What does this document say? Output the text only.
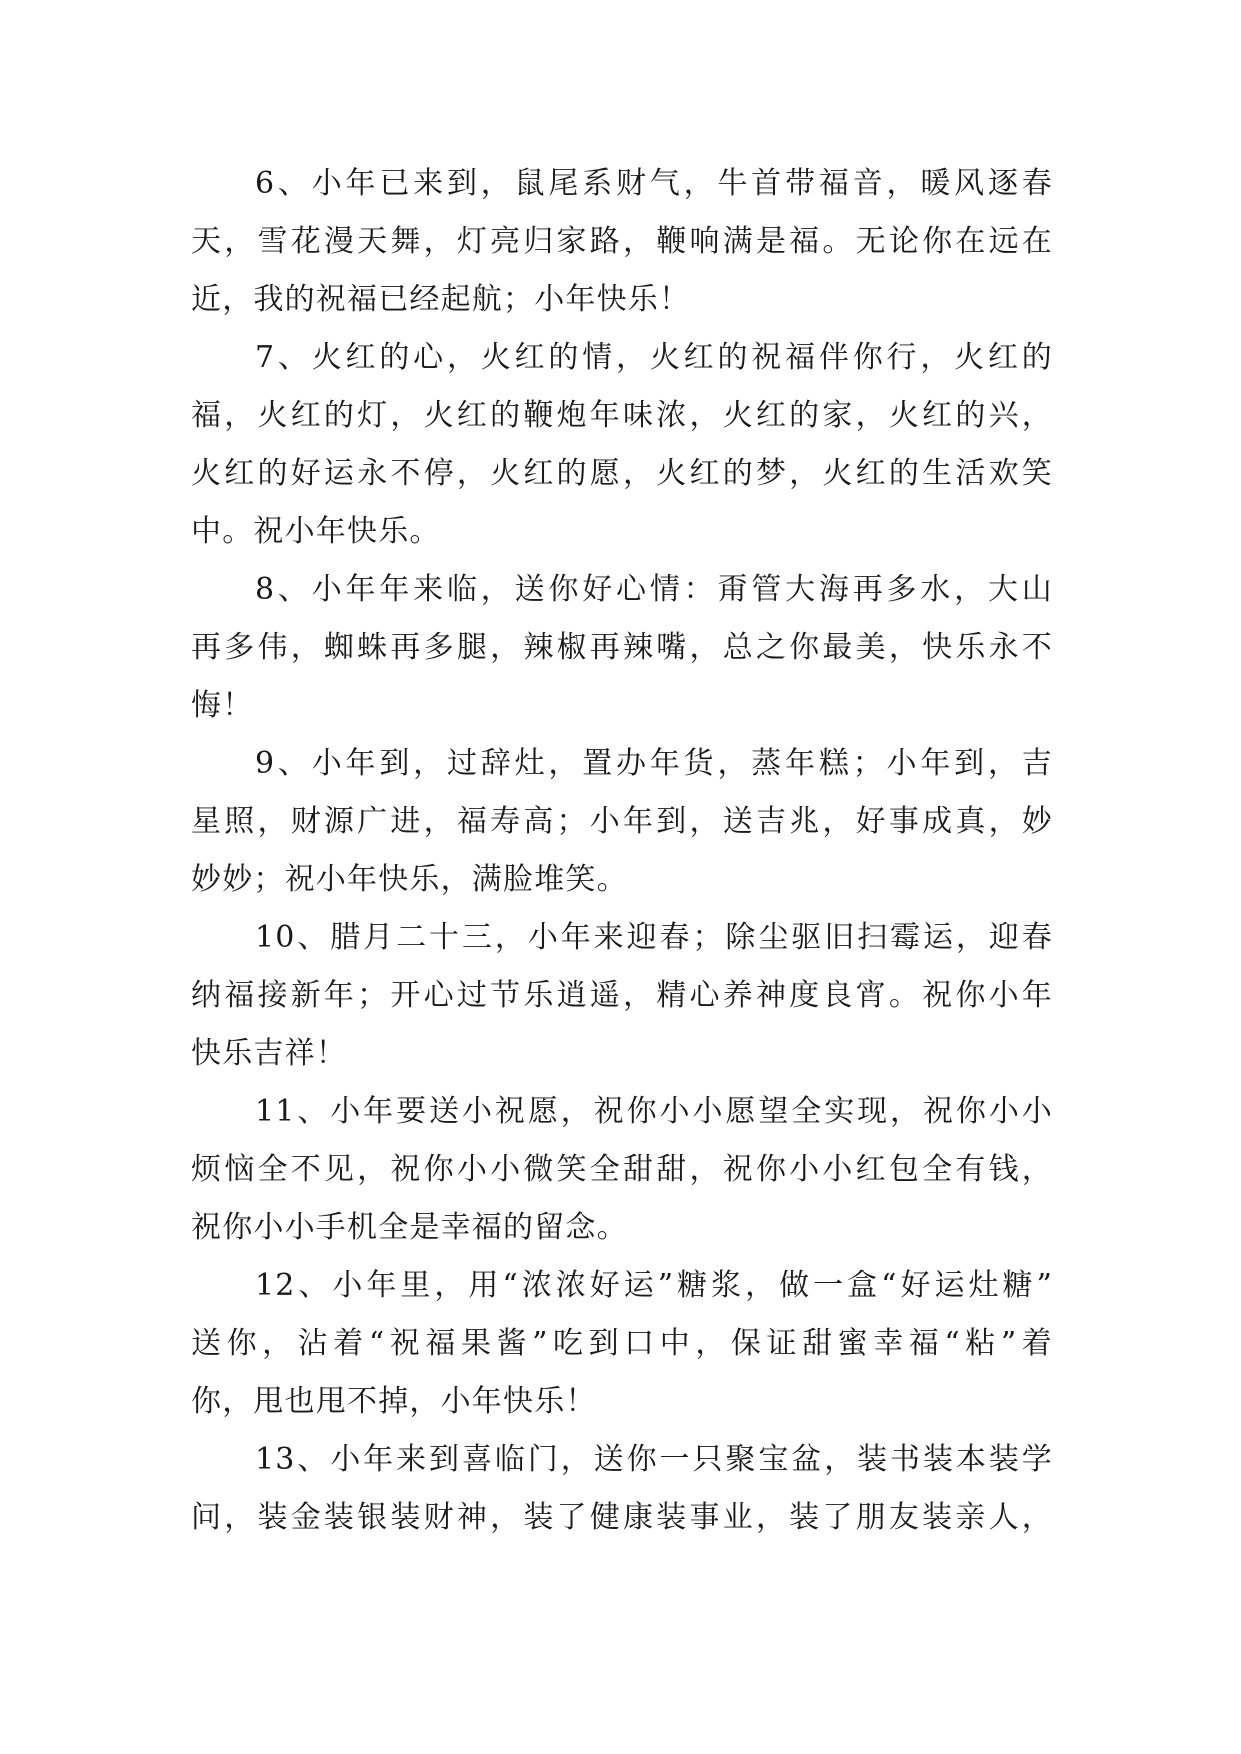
6、小年已来到，鼠尾系财气，牛首带福音，暖风逐春
天，雪花漫天舞，灯亮归家路，鞭响满是福。无论你在远在
近，我的祝福已经起航；小年快乐！

7、火红的心，火红的情，火红的祝福伴你行，火红的
福，火红的灯，火红的鞭炮年味浓，火红的家，火红的兴，
火红的好运永不停，火红的愿，火红的梦，火红的生活欢笑
中。祝小年快乐。

8、小年年来临，送你好心情：甭管大海再多水，大山
再多伟，蜘蛛再多腿，辣椒再辣嘴，总之你最美，快乐永不
悔！

9、小年到，过辞灶，置办年货，蒸年糕；小年到，吉
星照，财源广进，福寿高；小年到，送吉兆，好事成真，妙
妙妙；祝小年快乐，满脸堆笑。

10、腊月二十三，小年来迎春；除尘驱旧扫霉运，迎春
纳福接新年；开心过节乐逍遥，精心养神度良宵。祝你小年
快乐吉祥！

11、小年要送小祝愿，祝你小小愿望全实现，祝你小小
烦恼全不见，祝你小小微笑全甜甜，祝你小小红包全有钱，
祝你小小手机全是幸福的留念。

12、小年里，用“浓浓好运”糖浆，做一盒“好运灶糖”
送你，沾着“祝福果酱”吃到口中，保证甜蜜幸福“粘”着
你，甩也甩不掉，小年快乐！

13、小年来到喜临门，送你一只聚宝盆，装书装本装学
问，装金装银装财神，装了健康装事业，装了朋友装亲人，
